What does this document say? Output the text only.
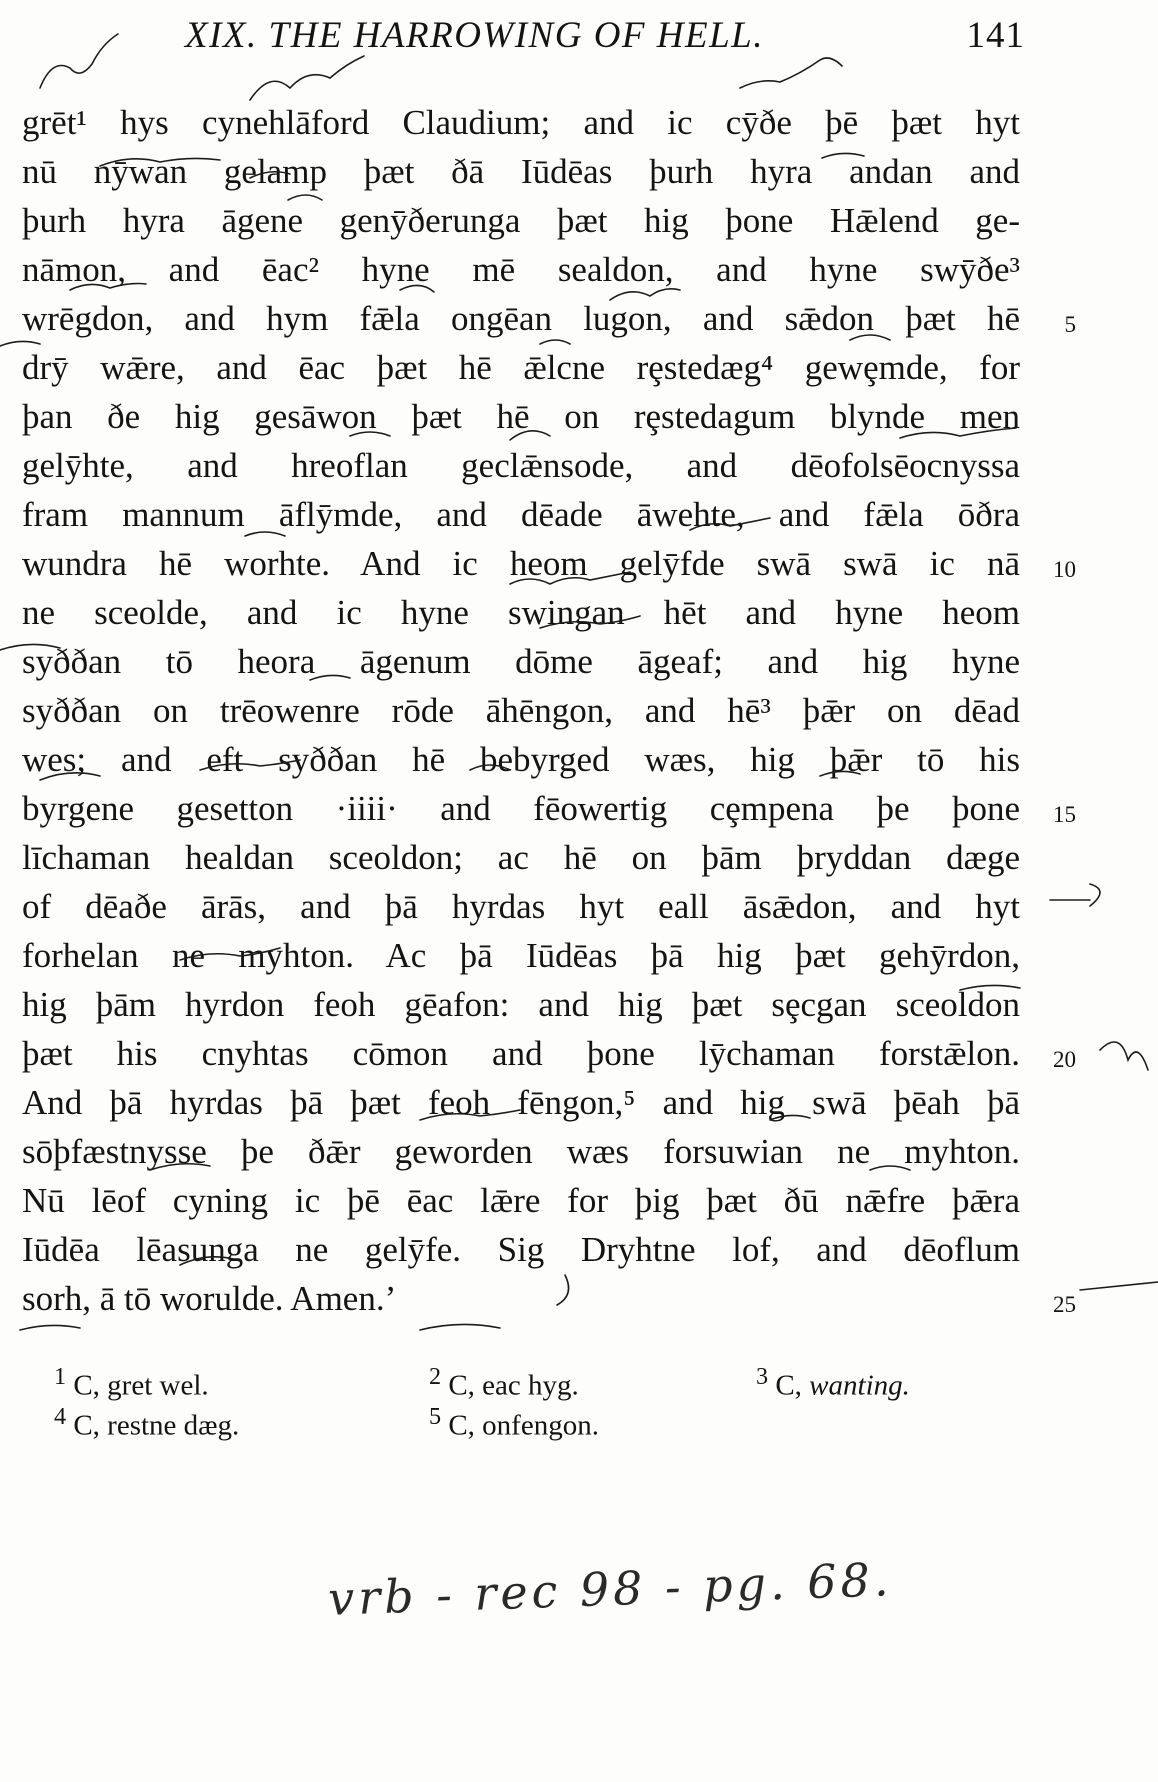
XIX. THE HARROWING OF HELL.	141
grēt¹ hys cynehlāford Claudium; and ic cȳðe þē þæt hyt
nū nȳwan gelamp þæt ðā Iūdēas þurh hyra andan and
þurh hyra āgene genȳðerunga þæt hig þone Hǣlend ge-
nāmon, and ēac² hyne mē sealdon, and hyne swȳðe³
wrēgdon, and hym fǣla ongēan lugon, and sǣdon þæt hē 5
drȳ wǣre, and ēac þæt hē ǣlcne rȩstedæg⁴ gewȩmde, for
þan ðe hig gesāwon þæt hē on rȩstedagum blynde men
gelȳhte, and hreoflan geclǣnsode, and dēofolsēocnyssa
fram mannum āflȳmde, and dēade āwehte, and fǣla ōðra
wundra hē worhte. And ic heom gelȳfde swā swā ic nā 10
ne sceolde, and ic hyne swingan hēt and hyne heom
syððan tō heora āgenum dōme āgeaf; and hig hyne
syððan on trēowenre rōde āhēngon, and hē³ þǣr on dēad
wes; and eft syððan hē bebyrged wæs, hig þǣr tō his
byrgene gesetton ·iiii· and fēowertig cȩmpena þe þone 15
līchaman healdan sceoldon; ac hē on þām þryddan dæge
of dēaðe ārās, and þā hyrdas hyt eall āsǣdon, and hyt
forhelan ne myhton. Ac þā Iūdēas þā hig þæt gehȳrdon,
hig þām hyrdon feoh gēafon: and hig þæt sȩcgan sceoldon
þæt his cnyhtas cōmon and þone lȳchaman forstǣlon. 20
And þā hyrdas þā þæt feoh fēngon,⁵ and hig swā þēah þā
sōþfæstnysse þe ðǣr geworden wæs forsuwian ne myhton.
Nū lēof cyning ic þē ēac lǣre for þig þæt ðū nǣfre þǣra
Iūdēa lēasunga ne gelȳfe. Sig Dryhtne lof, and dēoflum
sorh, ā tō worulde. Amen.’	25
$^1$ C, gret wel.	$^2$ C, eac hyg.	$^3$ C, wanting.
$^4$ C, restne dæg.	$^5$ C, onfengon.
vrb - rec 98 - pg. 68.
